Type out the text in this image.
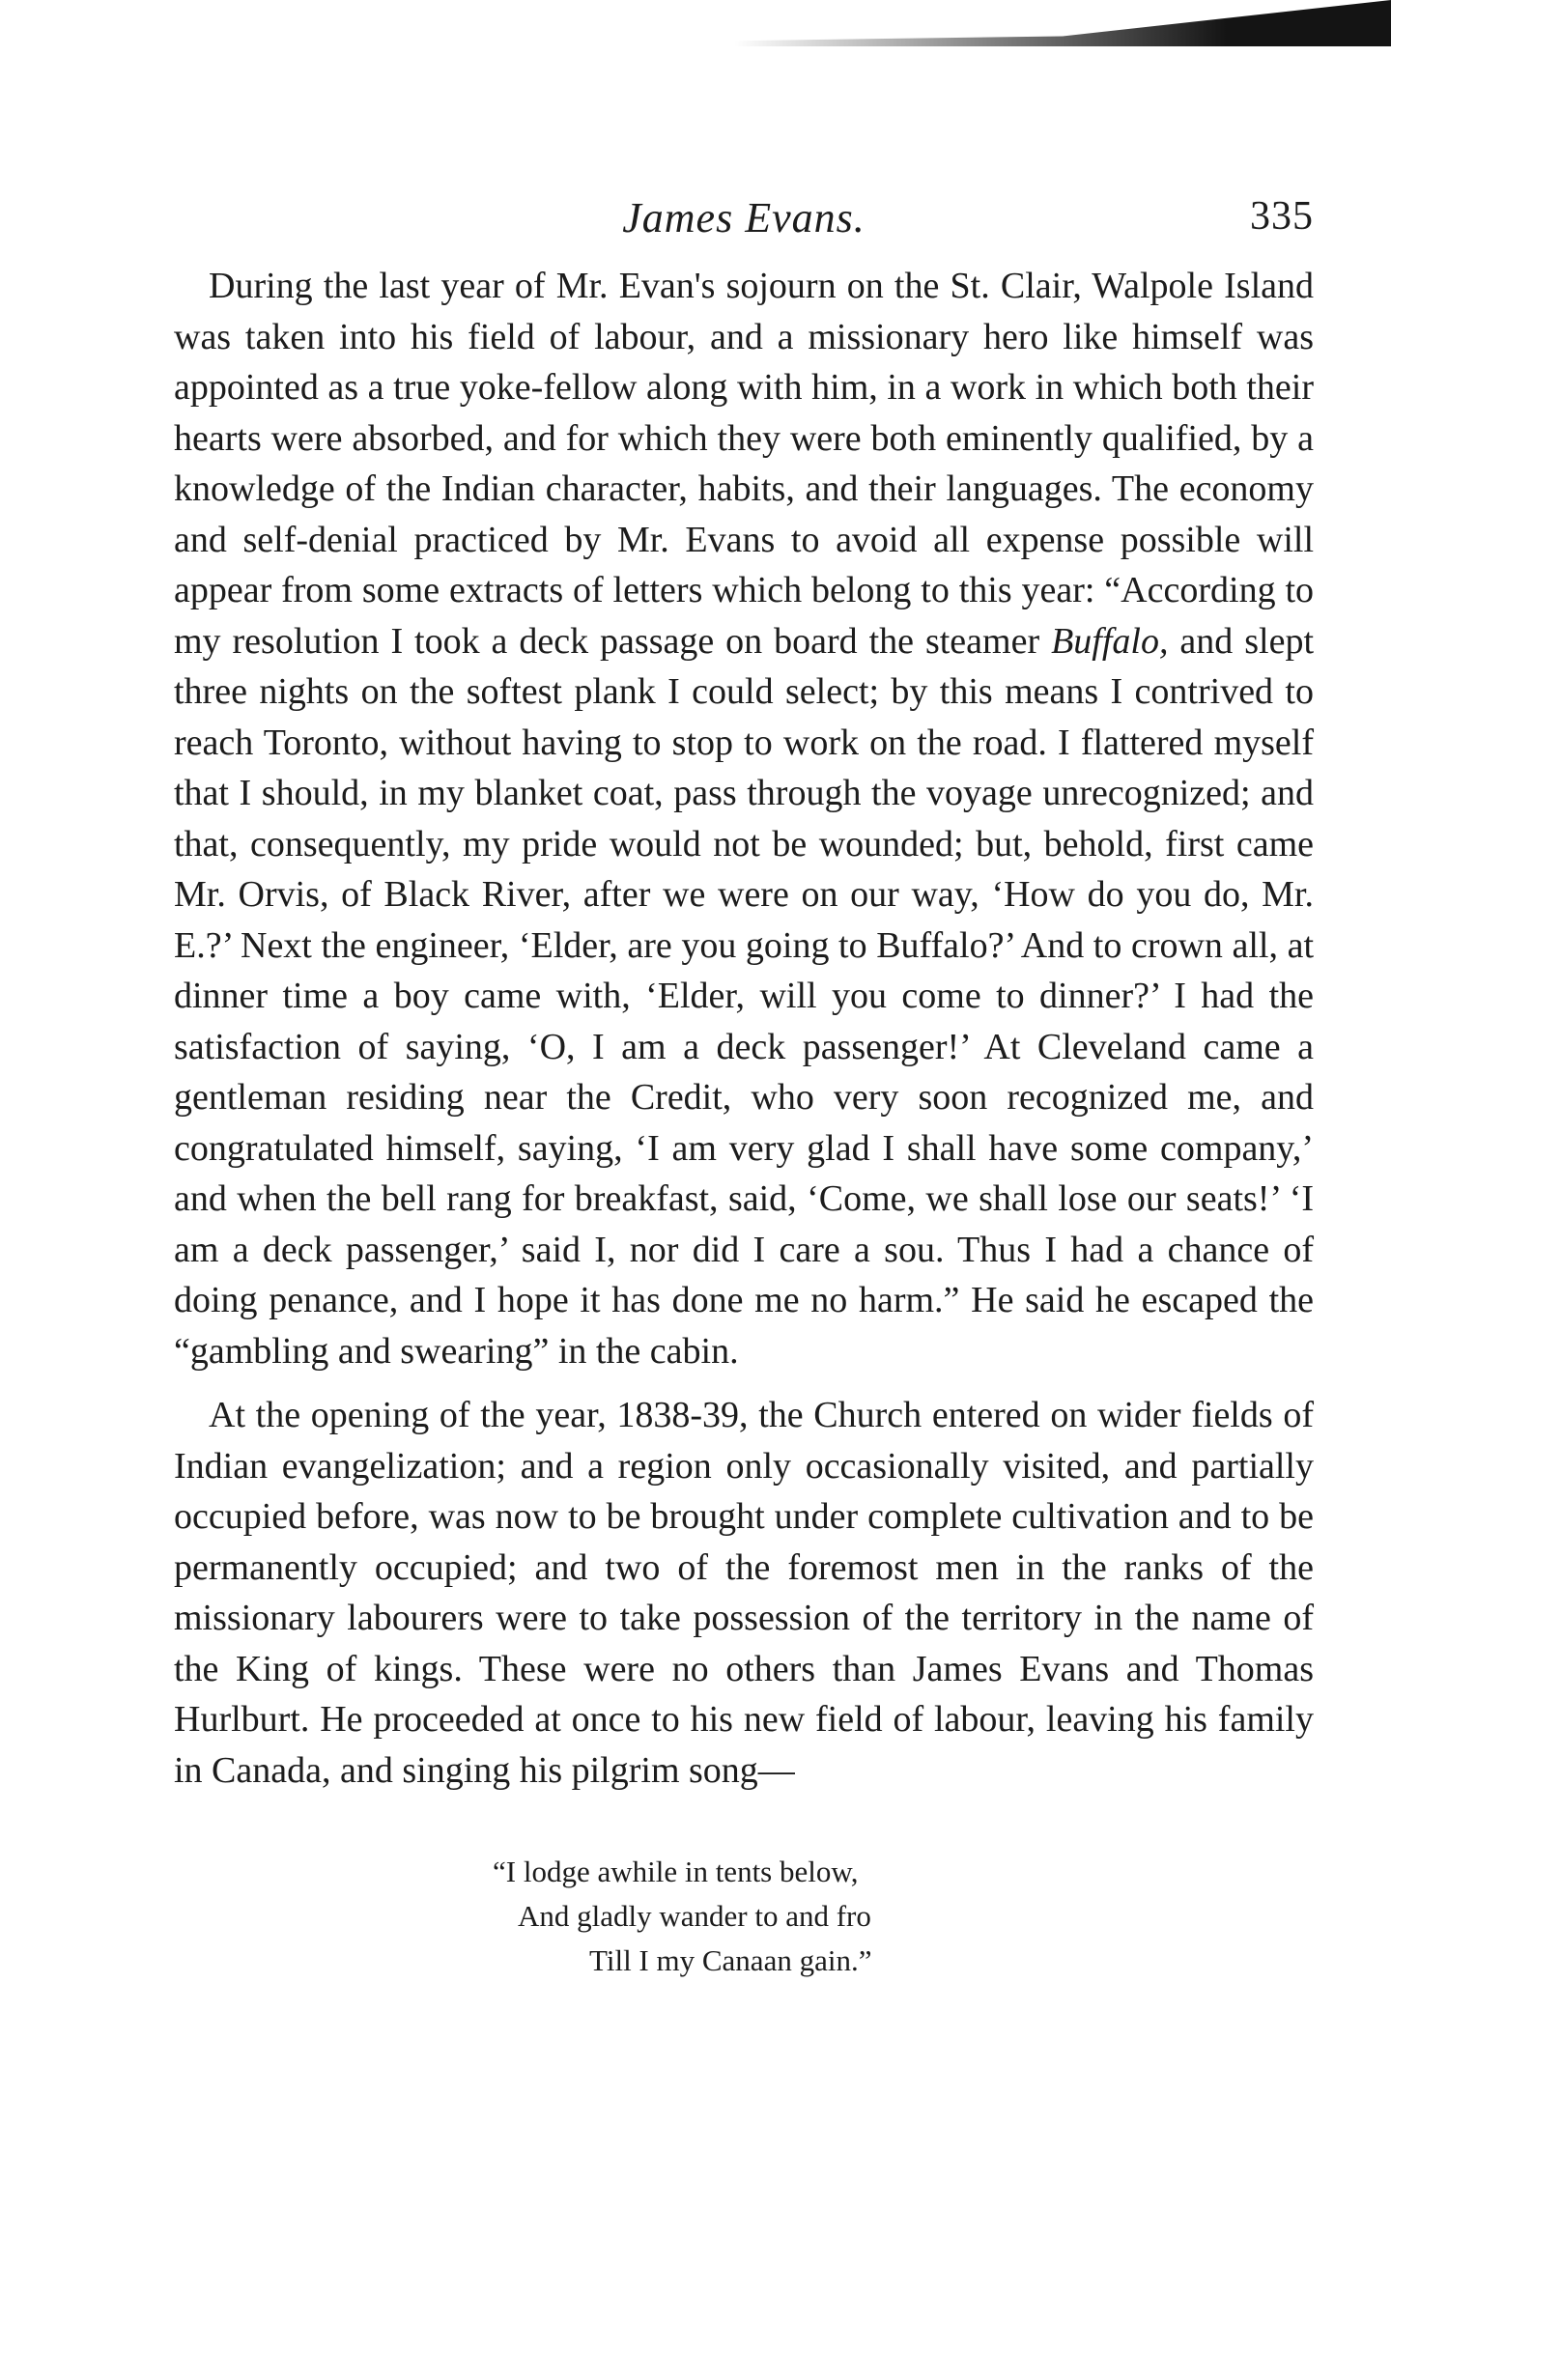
James Evans.	335

During the last year of Mr. Evan's sojourn on the St. Clair, Walpole Island was taken into his field of labour, and a missionary hero like himself was appointed as a true yoke-fellow along with him, in a work in which both their hearts were absorbed, and for which they were both eminently qualified, by a knowledge of the Indian character, habits, and their languages. The economy and self-denial practiced by Mr. Evans to avoid all expense possible will appear from some extracts of letters which belong to this year: “According to my resolution I took a deck passage on board the steamer Buffalo, and slept three nights on the softest plank I could select; by this means I contrived to reach Toronto, without having to stop to work on the road. I flattered myself that I should, in my blanket coat, pass through the voyage unrecognized; and that, consequently, my pride would not be wounded; but, behold, first came Mr. Orvis, of Black River, after we were on our way, ‘How do you do, Mr. E.?’ Next the engineer, ‘Elder, are you going to Buffalo?’ And to crown all, at dinner time a boy came with, ‘Elder, will you come to dinner?’ I had the satisfaction of saying, ‘O, I am a deck passenger!’ At Cleveland came a gentleman residing near the Credit, who very soon recognized me, and congratulated himself, saying, ‘I am very glad I shall have some company,’ and when the bell rang for breakfast, said, ‘Come, we shall lose our seats!’ ‘I am a deck passenger,’ said I, nor did I care a sou. Thus I had a chance of doing penance, and I hope it has done me no harm.” He said he escaped the “gambling and swearing” in the cabin.

At the opening of the year, 1838-39, the Church entered on wider fields of Indian evangelization; and a region only occasionally visited, and partially occupied before, was now to be brought under complete cultivation and to be permanently occupied; and two of the foremost men in the ranks of the missionary labourers were to take possession of the territory in the name of the King of kings. These were no others than James Evans and Thomas Hurlburt. He proceeded at once to his new field of labour, leaving his family in Canada, and singing his pilgrim song—

“I lodge awhile in tents below,
And gladly wander to and fro
Till I my Canaan gain.”
